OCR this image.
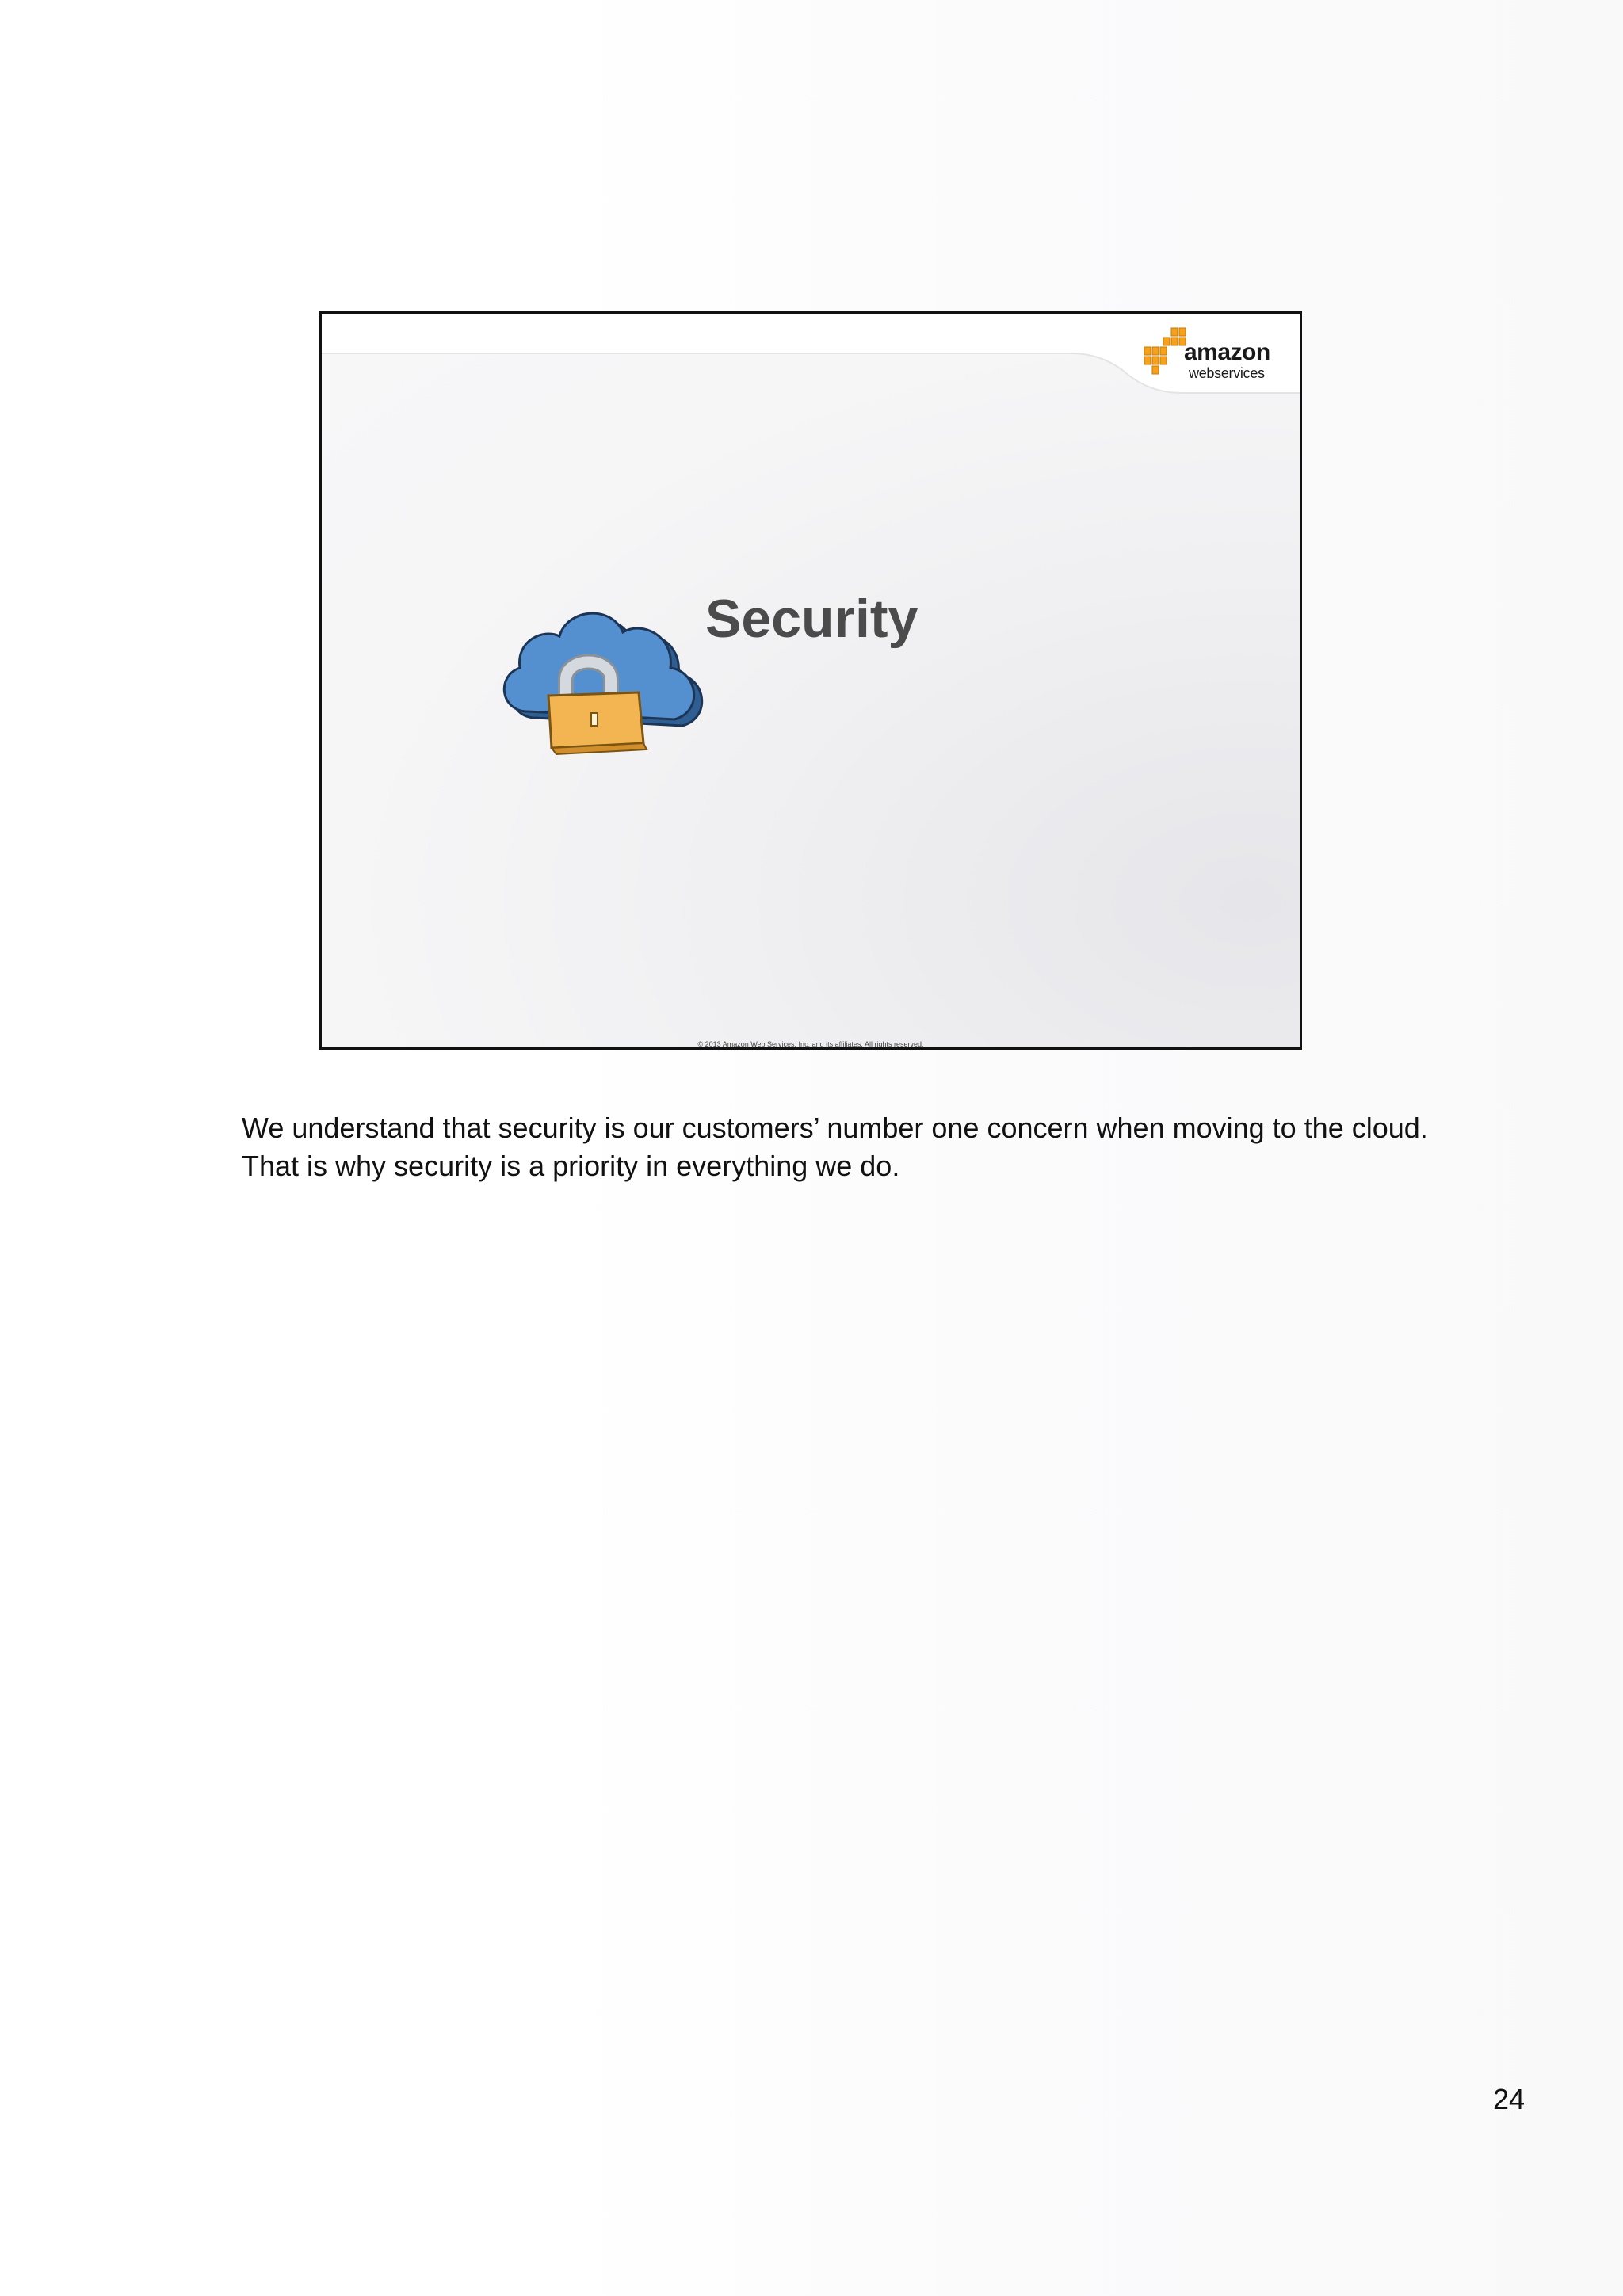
amazon
webservices
Security
© 2013 Amazon Web Services, Inc. and its affiliates. All rights reserved.
We understand that security is our customers’ number one concern when moving to the cloud. That is why security is a priority in everything we do.
24
